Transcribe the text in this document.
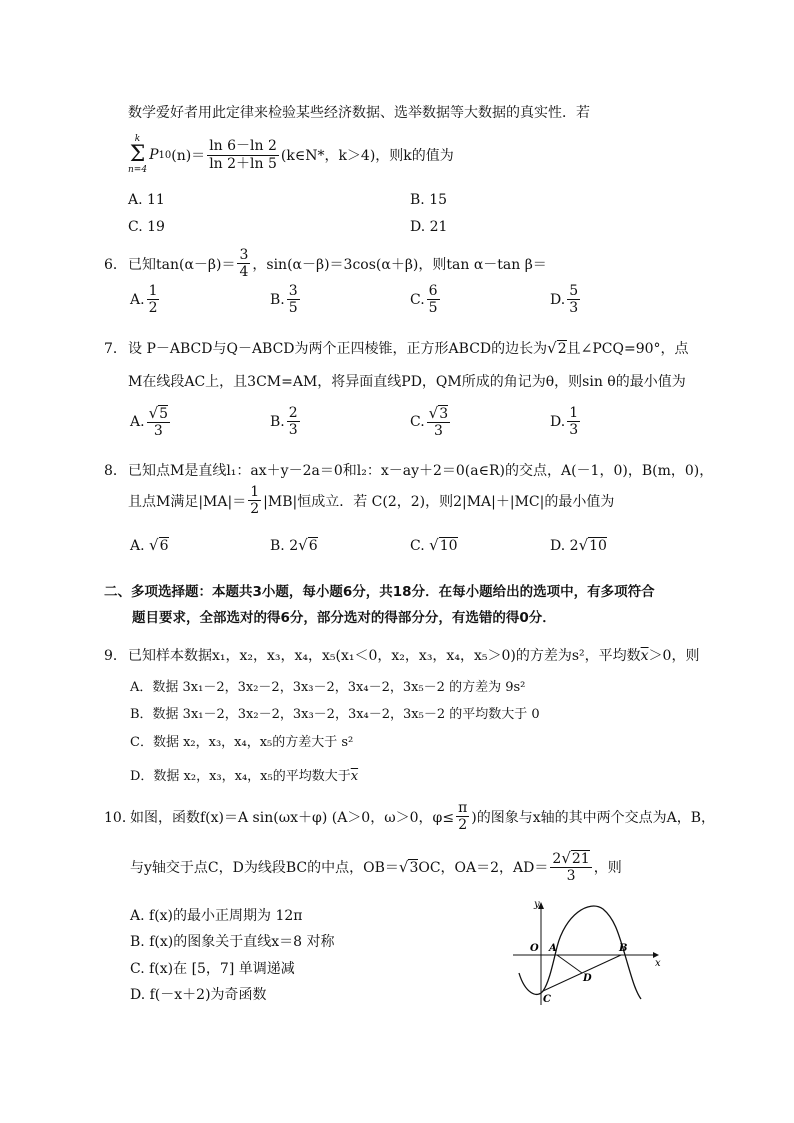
数学爱好者用此定律来检验某些经济数据、选举数据等大数据的真实性．若
k
Σ
n=4
P 10 $(n)= \frac{\ln 6-\ln 2}{\ln 2+\ln 5}$ (k∈N*，k＞4)，则k的值为
A. 11	B. 15
C. 19	D. 21
6． 已知$\tan(\alpha-\beta)= \frac{3}{4}$ ，sin(α－β)＝3cos(α＋β)，则tan α－tan β＝
A. $\frac{1}{2}$	B. $\frac{3}{5}$	C. $\frac{6}{5}$	D. $\frac{5}{3}$
7．设 P－ABCD与Q－ABCD为两个正四棱锥，正方形ABCD的边长为√2且∠PCQ=90°，点
M在线段AC上，且3CM=AM，将异面直线PD，QM所成的角记为θ，则sin θ的最小值为
A. $\frac{√5}{3}$	B. $\frac{2}{3}$	C. $\frac{√3}{3}$	D. $\frac{1}{3}$
8．已知点M是直线l₁：ax＋y－2a＝0和l₂：x－ay＋2＝0(a∈R)的交点，A(－1，0)，B(m，0)，
且点M满足$|MA|= \frac{1}{2} |MB|$恒成立．若 C(2，2)，则2|MA|＋|MC|的最小值为
A. √6	B. 2√6	C. √10	D. 2√10
二、多项选择题：本题共3小题，每小题6分，共18分．在每小题给出的选项中，有多项符合
题目要求，全部选对的得6分，部分选对的得部分分，有选错的得0分．
9．已知样本数据x₁，x₂，x₃，x₄，x₅(x₁＜0，x₂，x₃，x₄，x₅＞0)的方差为s²，平均数$\overline{x}>0$，则
A．数据 3x₁－2，3x₂－2，3x₃－2，3x₄－2，3x₅－2 的方差为 9s²
B．数据 3x₁－2，3x₂－2，3x₃－2，3x₄－2，3x₅－2 的平均数大于 0
C．数据 x₂，x₃，x₄，x₅的方差大于 s²
D．数据 x₂，x₃，x₄，x₅的平均数大于$\overline{x}$
10．
如图，函数f(x)＝A sin(ωx＋φ) (A＞0，ω＞0，$\varphi\le \frac{\pi}{2}$ )的图象与x轴的其中两个交点为A，B，
与y轴交于点C，D为线段BC的中点，OB＝ √ 3 OC，OA＝2，$AD= \frac{2√21}{3}$ ，则
A. f(x)的最小正周期为 12π
B. f(x)的图象关于直线x＝8 对称
C. f(x)在 [5，7] 单调递减
D. f(－x＋2)为奇函数
y
x
O A	B
C
D
